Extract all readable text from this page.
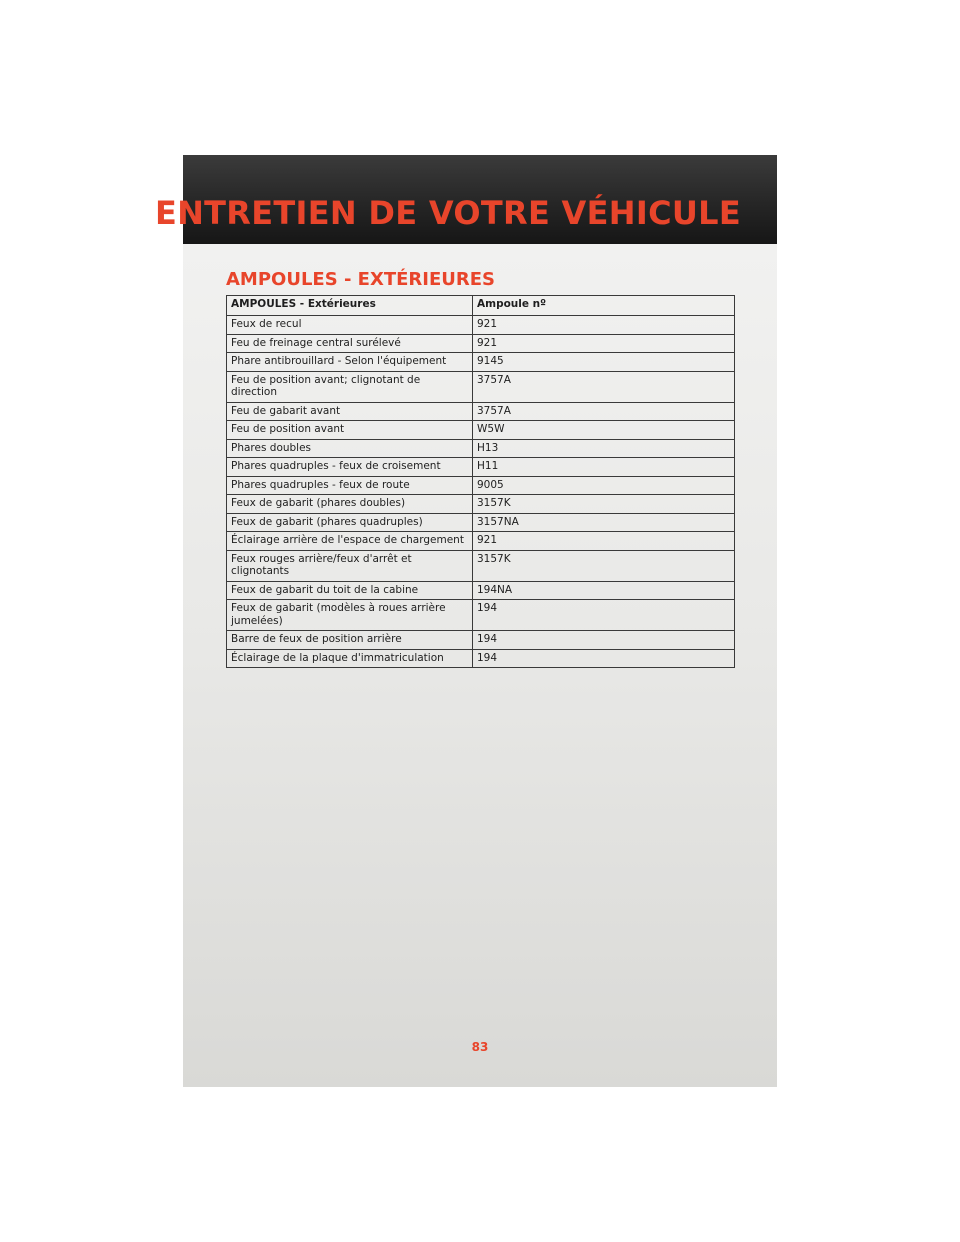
ENTRETIEN DE VOTRE VÉHICULE
AMPOULES - EXTÉRIEURES
AMPOULES - Extérieures	Ampoule nº
Feux de recul	921
Feu de freinage central surélevé	921
Phare antibrouillard - Selon l'équipement	9145
Feu de position avant; clignotant de direction	3757A
Feu de gabarit avant	3757A
Feu de position avant	W5W
Phares doubles	H13
Phares quadruples - feux de croisement	H11
Phares quadruples - feux de route	9005
Feux de gabarit (phares doubles)	3157K
Feux de gabarit (phares quadruples)	3157NA
Éclairage arrière de l'espace de chargement	921
Feux rouges arrière/feux d'arrêt et clignotants	3157K
Feux de gabarit du toit de la cabine	194NA
Feux de gabarit (modèles à roues arrière jumelées)	194
Barre de feux de position arrière	194
Éclairage de la plaque d'immatriculation	194
83
